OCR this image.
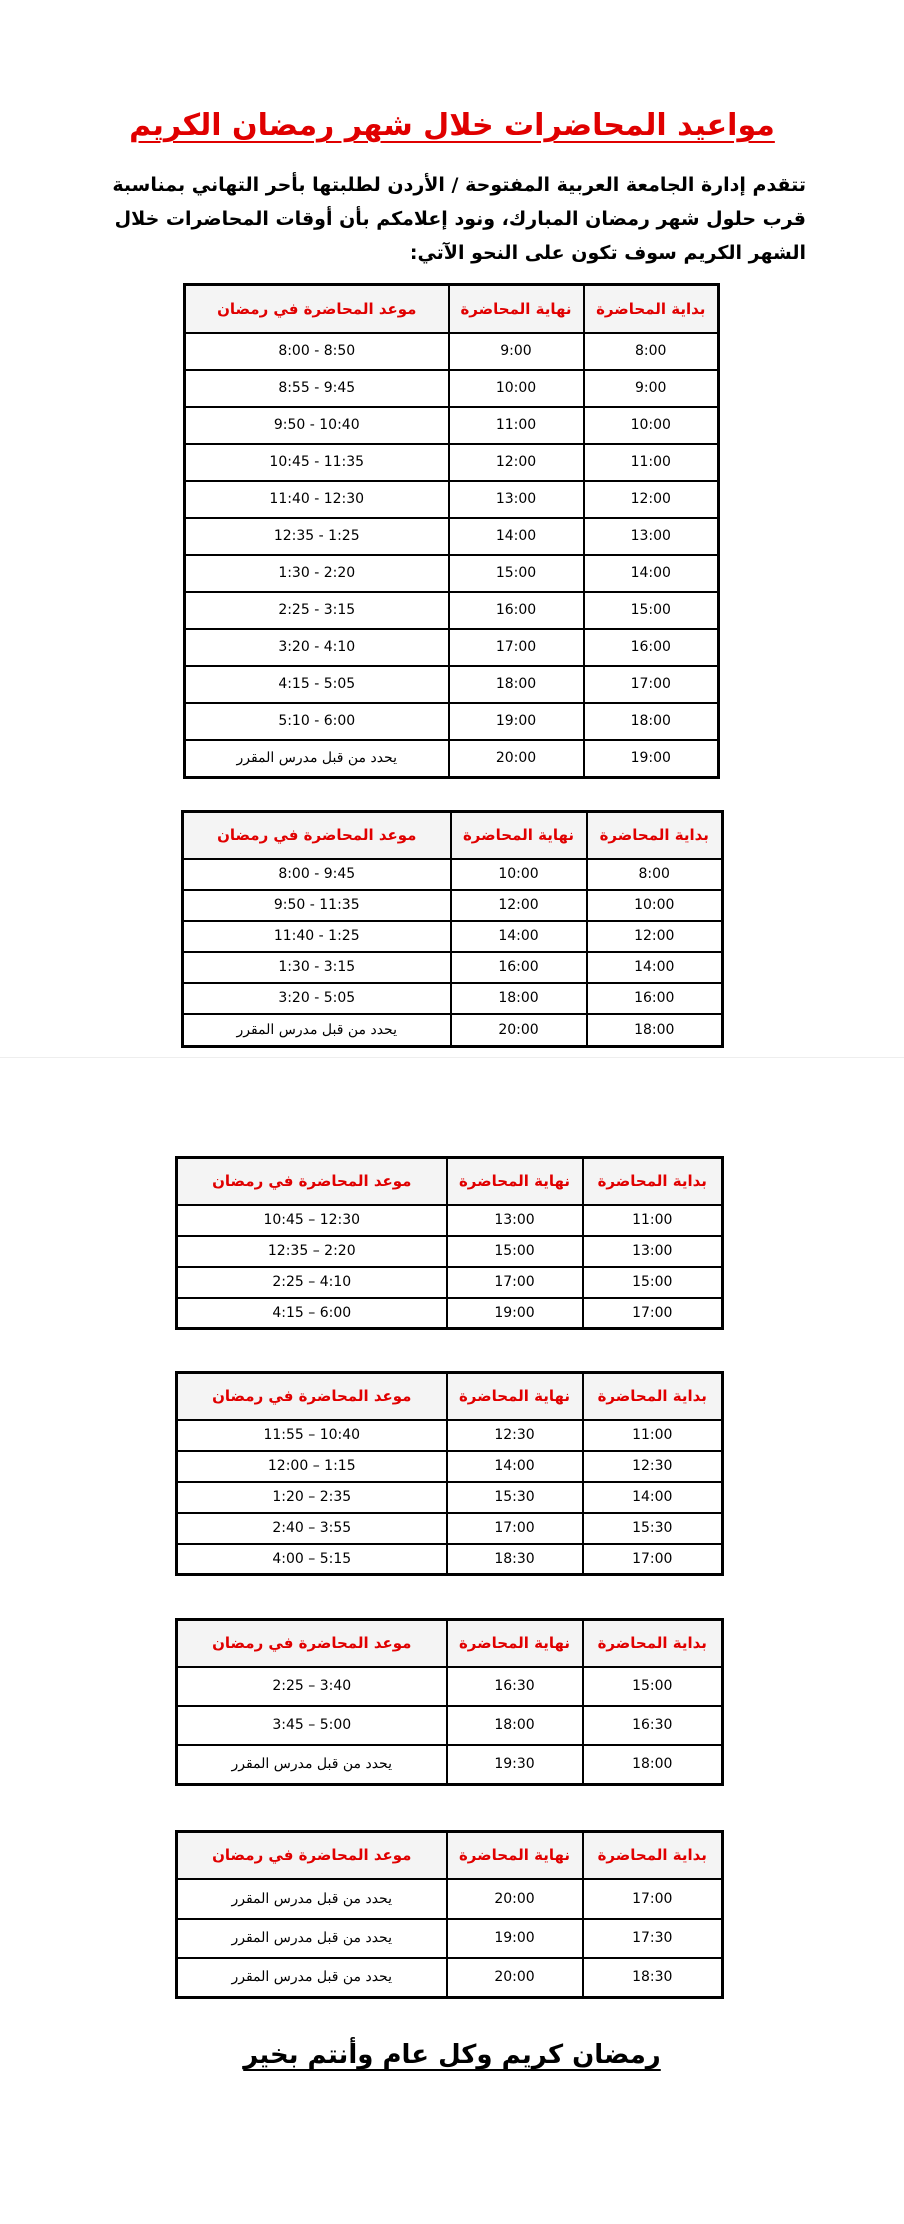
مواعيد المحاضرات خلال شهر رمضان الكريم
تتقدم إدارة الجامعة العربية المفتوحة / الأردن لطلبتها بأحر التهاني بمناسبة قرب حلول شهر رمضان المبارك، ونود إعلامكم بأن أوقات المحاضرات خلال الشهر الكريم سوف تكون على النحو الآتي:
بداية المحاضرة	نهاية المحاضرة	موعد المحاضرة في رمضان
8:00	9:00	8:50 - 8:00
9:00	10:00	9:45 - 8:55
10:00	11:00	10:40 - 9:50
11:00	12:00	11:35 - 10:45
12:00	13:00	12:30 - 11:40
13:00	14:00	1:25 - 12:35
14:00	15:00	2:20 - 1:30
15:00	16:00	3:15 - 2:25
16:00	17:00	4:10 - 3:20
17:00	18:00	5:05 - 4:15
18:00	19:00	6:00 - 5:10
19:00	20:00	يحدد من قبل مدرس المقرر
بداية المحاضرة	نهاية المحاضرة	موعد المحاضرة في رمضان
8:00	10:00	9:45 - 8:00
10:00	12:00	11:35 - 9:50
12:00	14:00	1:25 - 11:40
14:00	16:00	3:15 - 1:30
16:00	18:00	5:05 - 3:20
18:00	20:00	يحدد من قبل مدرس المقرر
بداية المحاضرة	نهاية المحاضرة	موعد المحاضرة في رمضان
11:00	13:00	12:30 – 10:45
13:00	15:00	2:20 – 12:35
15:00	17:00	4:10 – 2:25
17:00	19:00	6:00 – 4:15
بداية المحاضرة	نهاية المحاضرة	موعد المحاضرة في رمضان
11:00	12:30	10:40 – 11:55
12:30	14:00	1:15 – 12:00
14:00	15:30	2:35 – 1:20
15:30	17:00	3:55 – 2:40
17:00	18:30	5:15 – 4:00
بداية المحاضرة	نهاية المحاضرة	موعد المحاضرة في رمضان
15:00	16:30	3:40 – 2:25
16:30	18:00	5:00 – 3:45
18:00	19:30	يحدد من قبل مدرس المقرر
بداية المحاضرة	نهاية المحاضرة	موعد المحاضرة في رمضان
17:00	20:00	يحدد من قبل مدرس المقرر
17:30	19:00	يحدد من قبل مدرس المقرر
18:30	20:00	يحدد من قبل مدرس المقرر
رمضان كريم وكل عام وأنتم بخير
